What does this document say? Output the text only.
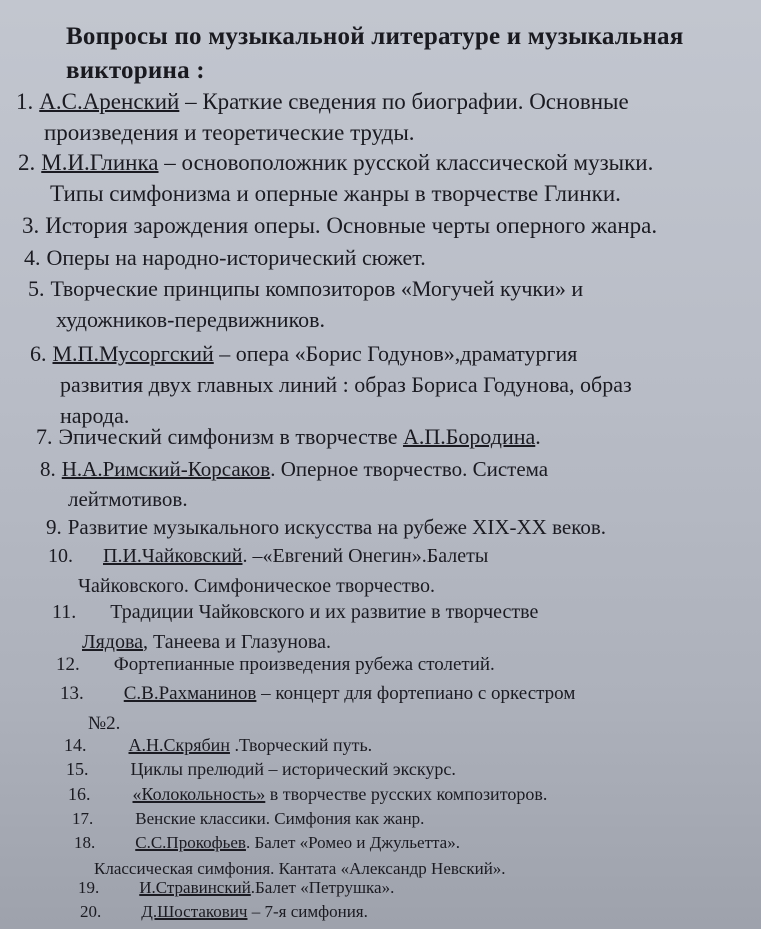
Вопросы по музыкальной литературе и музыкальная
викторина :
1. А.С.Аренский – Краткие сведения по биографии. Основные
произведения и теоретические труды.
2. М.И.Глинка – основоположник русской классической музыки.
Типы симфонизма и оперные жанры в творчестве Глинки.
3. История зарождения оперы. Основные черты оперного жанра.
4. Оперы на народно-исторический сюжет.
5. Творческие принципы композиторов «Могучей кучки» и
художников-передвижников.
6. М.П.Мусоргский – опера «Борис Годунов»,драматургия
развития двух главных линий : образ Бориса Годунова, образ
народа.
7. Эпический симфонизм в творчестве А.П.Бородина.
8. Н.А.Римский-Корсаков. Оперное творчество. Система
лейтмотивов.
9. Развитие музыкального искусства на рубеже XIX-XX веков.
10. П.И.Чайковский. –«Евгений Онегин».Балеты
Чайковского. Симфоническое творчество.
11. Традиции Чайковского и их развитие в творчестве
Лядова, Танеева и Глазунова.
12. Фортепианные произведения рубежа столетий.
13. С.В.Рахманинов – концерт для фортепиано с оркестром
№2.
14. А.Н.Скрябин .Творческий путь.
15. Циклы прелюдий – исторический экскурс.
16. «Колокольность» в творчестве русских композиторов.
17. Венские классики. Симфония как жанр.
18. С.С.Прокофьев. Балет «Ромео и Джульетта».
Классическая симфония. Кантата «Александр Невский».
19. И.Стравинский.Балет «Петрушка».
20. Д.Шостакович – 7-я симфония.
